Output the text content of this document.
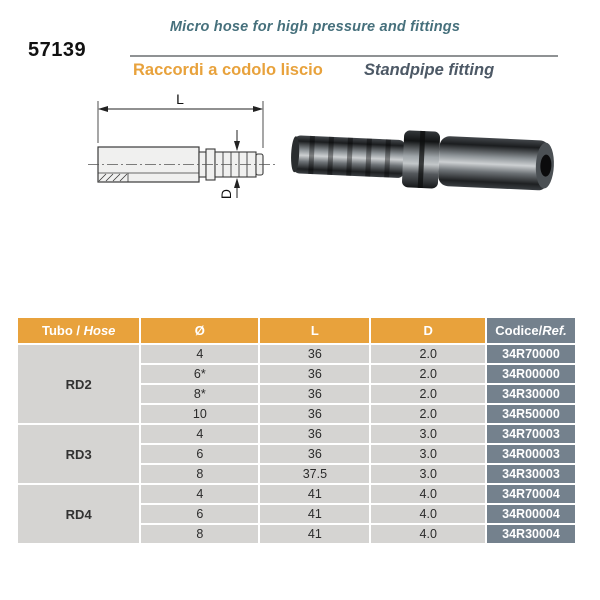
Micro hose for high pressure and fittings
57139
Raccordi a codolo liscio Standpipe fitting
L
D
Tubo / Hose	Ø	L	D	Codice/Ref.
RD2	4	36	2.0	34R70000
	6*	36	2.0	34R00000
	8*	36	2.0	34R30000
	10	36	2.0	34R50000
RD3	4	36	3.0	34R70003
	6	36	3.0	34R00003
	8	37.5	3.0	34R30003
RD4	4	41	4.0	34R70004
	6	41	4.0	34R00004
	8	41	4.0	34R30004
